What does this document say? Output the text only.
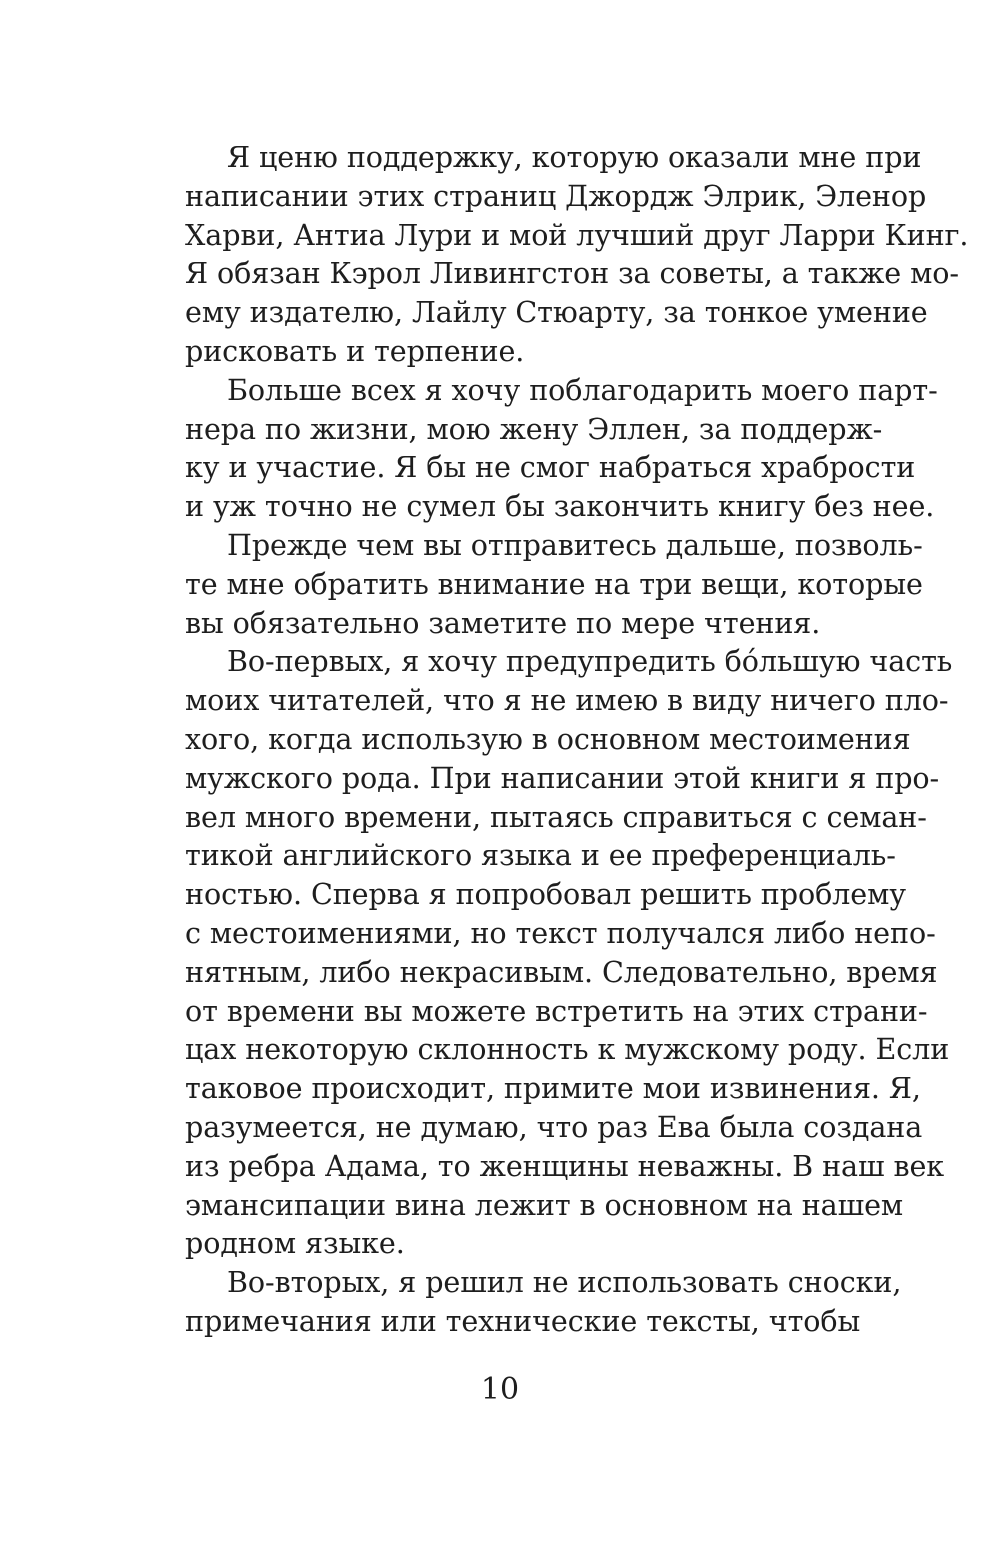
Я ценю поддержку, которую оказали мне при
написании этих страниц Джордж Элрик, Эленор
Харви, Антиа Лури и мой лучший друг Ларри Кинг.
Я обязан Кэрол Ливингстон за советы, а также мо-
ему издателю, Лайлу Стюарту, за тонкое умение
рисковать и терпение.
Больше всех я хочу поблагодарить моего парт-
нера по жизни, мою жену Эллен, за поддерж-
ку и участие. Я бы не смог набраться храбрости
и уж точно не сумел бы закончить книгу без нее.
Прежде чем вы отправитесь дальше, позволь-
те мне обратить внимание на три вещи, которые
вы обязательно заметите по мере чтения.
Во-первых, я хочу предупредить бóльшую часть
моих читателей, что я не имею в виду ничего пло-
хого, когда использую в основном местоимения
мужского рода. При написании этой книги я про-
вел много времени, пытаясь справиться с семан-
тикой английского языка и ее преференциаль-
ностью. Сперва я попробовал решить проблему
с местоимениями, но текст получался либо непо-
нятным, либо некрасивым. Следовательно, время
от времени вы можете встретить на этих страни-
цах некоторую склонность к мужскому роду. Если
таковое происходит, примите мои извинения. Я,
разумеется, не думаю, что раз Ева была создана
из ребра Адама, то женщины неважны. В наш век
эмансипации вина лежит в основном на нашем
родном языке.
Во-вторых, я решил не использовать сноски,
примечания или технические тексты, чтобы
10
